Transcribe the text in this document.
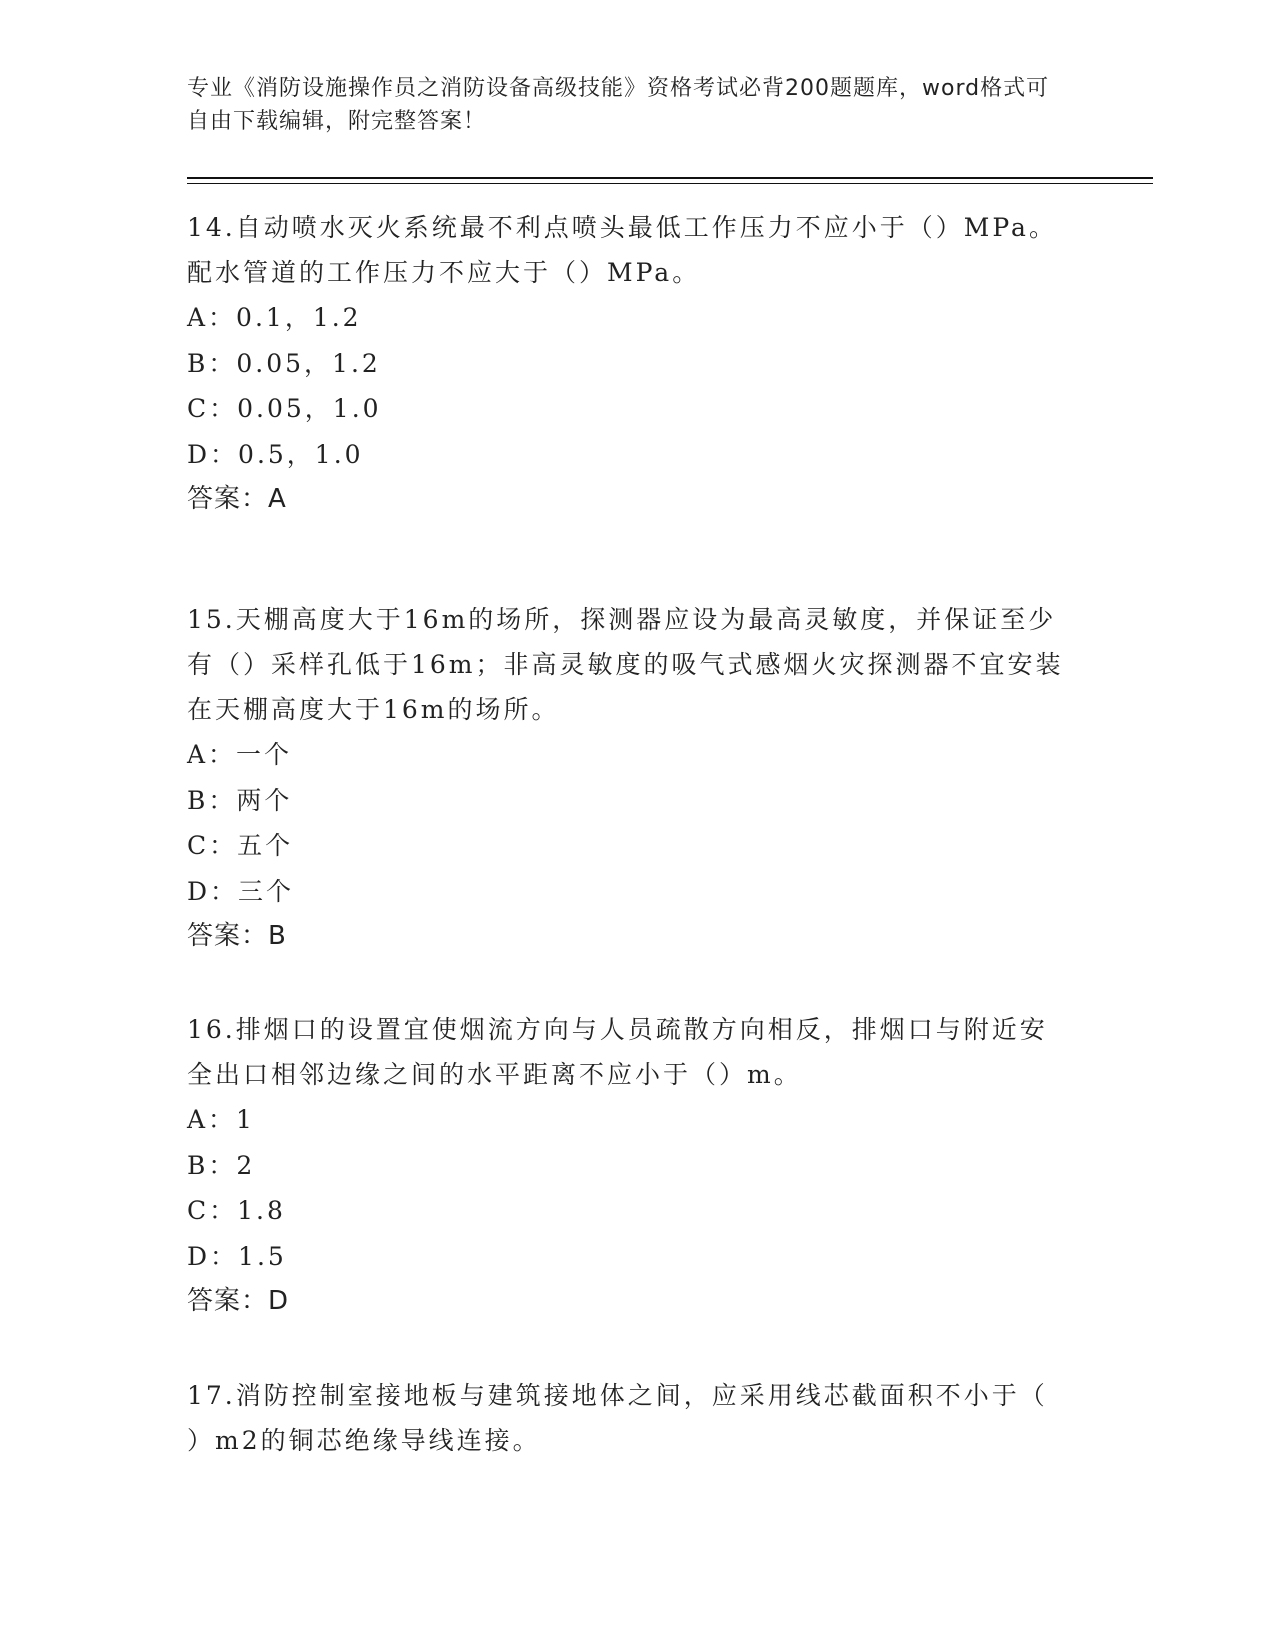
专业《消防设施操作员之消防设备高级技能》资格考试必背200题题库，word格式可自由下载编辑，附完整答案！

14.自动喷水灭火系统最不利点喷头最低工作压力不应小于（）MPa。

配水管道的工作压力不应大于（）MPa。

A：0.1，1.2

B：0.05，1.2

C：0.05，1.0

D：0.5，1.0

答案：A

15.天棚高度大于16m的场所，探测器应设为最高灵敏度，并保证至少

有（）采样孔低于16m；非高灵敏度的吸气式感烟火灾探测器不宜安装

在天棚高度大于16m的场所。

A：一个

B：两个

C：五个

D：三个

答案：B

16.排烟口的设置宜使烟流方向与人员疏散方向相反，排烟口与附近安

全出口相邻边缘之间的水平距离不应小于（）m。

A：1

B：2

C：1.8

D：1.5

答案：D

17.消防控制室接地板与建筑接地体之间，应采用线芯截面积不小于（

）m2的铜芯绝缘导线连接。
